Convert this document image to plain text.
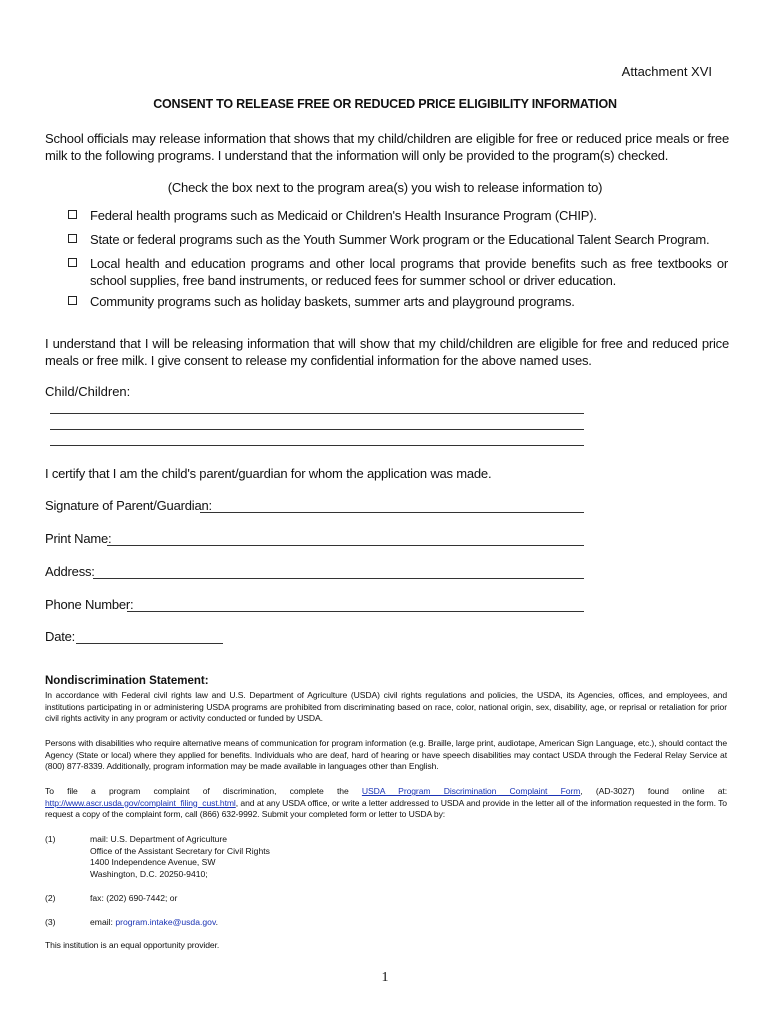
Attachment XVI
CONSENT TO RELEASE FREE OR REDUCED PRICE ELIGIBILITY INFORMATION
School officials may release information that shows that my child/children are eligible for free or reduced price meals or free milk to the following programs. I understand that the information will only be provided to the program(s) checked.
(Check the box next to the program area(s) you wish to release information to)
Federal health programs such as Medicaid or Children's Health Insurance Program (CHIP).
State or federal programs such as the Youth Summer Work program or the Educational Talent Search Program.
Local health and education programs and other local programs that provide benefits such as free textbooks or school supplies, free band instruments, or reduced fees for summer school or driver education.
Community programs such as holiday baskets, summer arts and playground programs.
I understand that I will be releasing information that will show that my child/children are eligible for free and reduced price meals or free milk. I give consent to release my confidential information for the above named uses.
Child/Children:
I certify that I am the child's parent/guardian for whom the application was made.
Signature of Parent/Guardian:
Print Name:
Address:
Phone Number:
Date:
Nondiscrimination Statement:
In accordance with Federal civil rights law and U.S. Department of Agriculture (USDA) civil rights regulations and policies, the USDA, its Agencies, offices, and employees, and institutions participating in or administering USDA programs are prohibited from discriminating based on race, color, national origin, sex, disability, age, or reprisal or retaliation for prior civil rights activity in any program or activity conducted or funded by USDA.
Persons with disabilities who require alternative means of communication for program information (e.g. Braille, large print, audiotape, American Sign Language, etc.), should contact the Agency (State or local) where they applied for benefits. Individuals who are deaf, hard of hearing or have speech disabilities may contact USDA through the Federal Relay Service at (800) 877-8339. Additionally, program information may be made available in languages other than English.
To file a program complaint of discrimination, complete the USDA Program Discrimination Complaint Form, (AD-3027) found online at: http://www.ascr.usda.gov/complaint_filing_cust.html, and at any USDA office, or write a letter addressed to USDA and provide in the letter all of the information requested in the form. To request a copy of the complaint form, call (866) 632-9992. Submit your completed form or letter to USDA by:
(1)	mail: U.S. Department of Agriculture
Office of the Assistant Secretary for Civil Rights
1400 Independence Avenue, SW
Washington, D.C. 20250-9410;
(2)	fax: (202) 690-7442; or
(3)	email: program.intake@usda.gov.
This institution is an equal opportunity provider.
1
